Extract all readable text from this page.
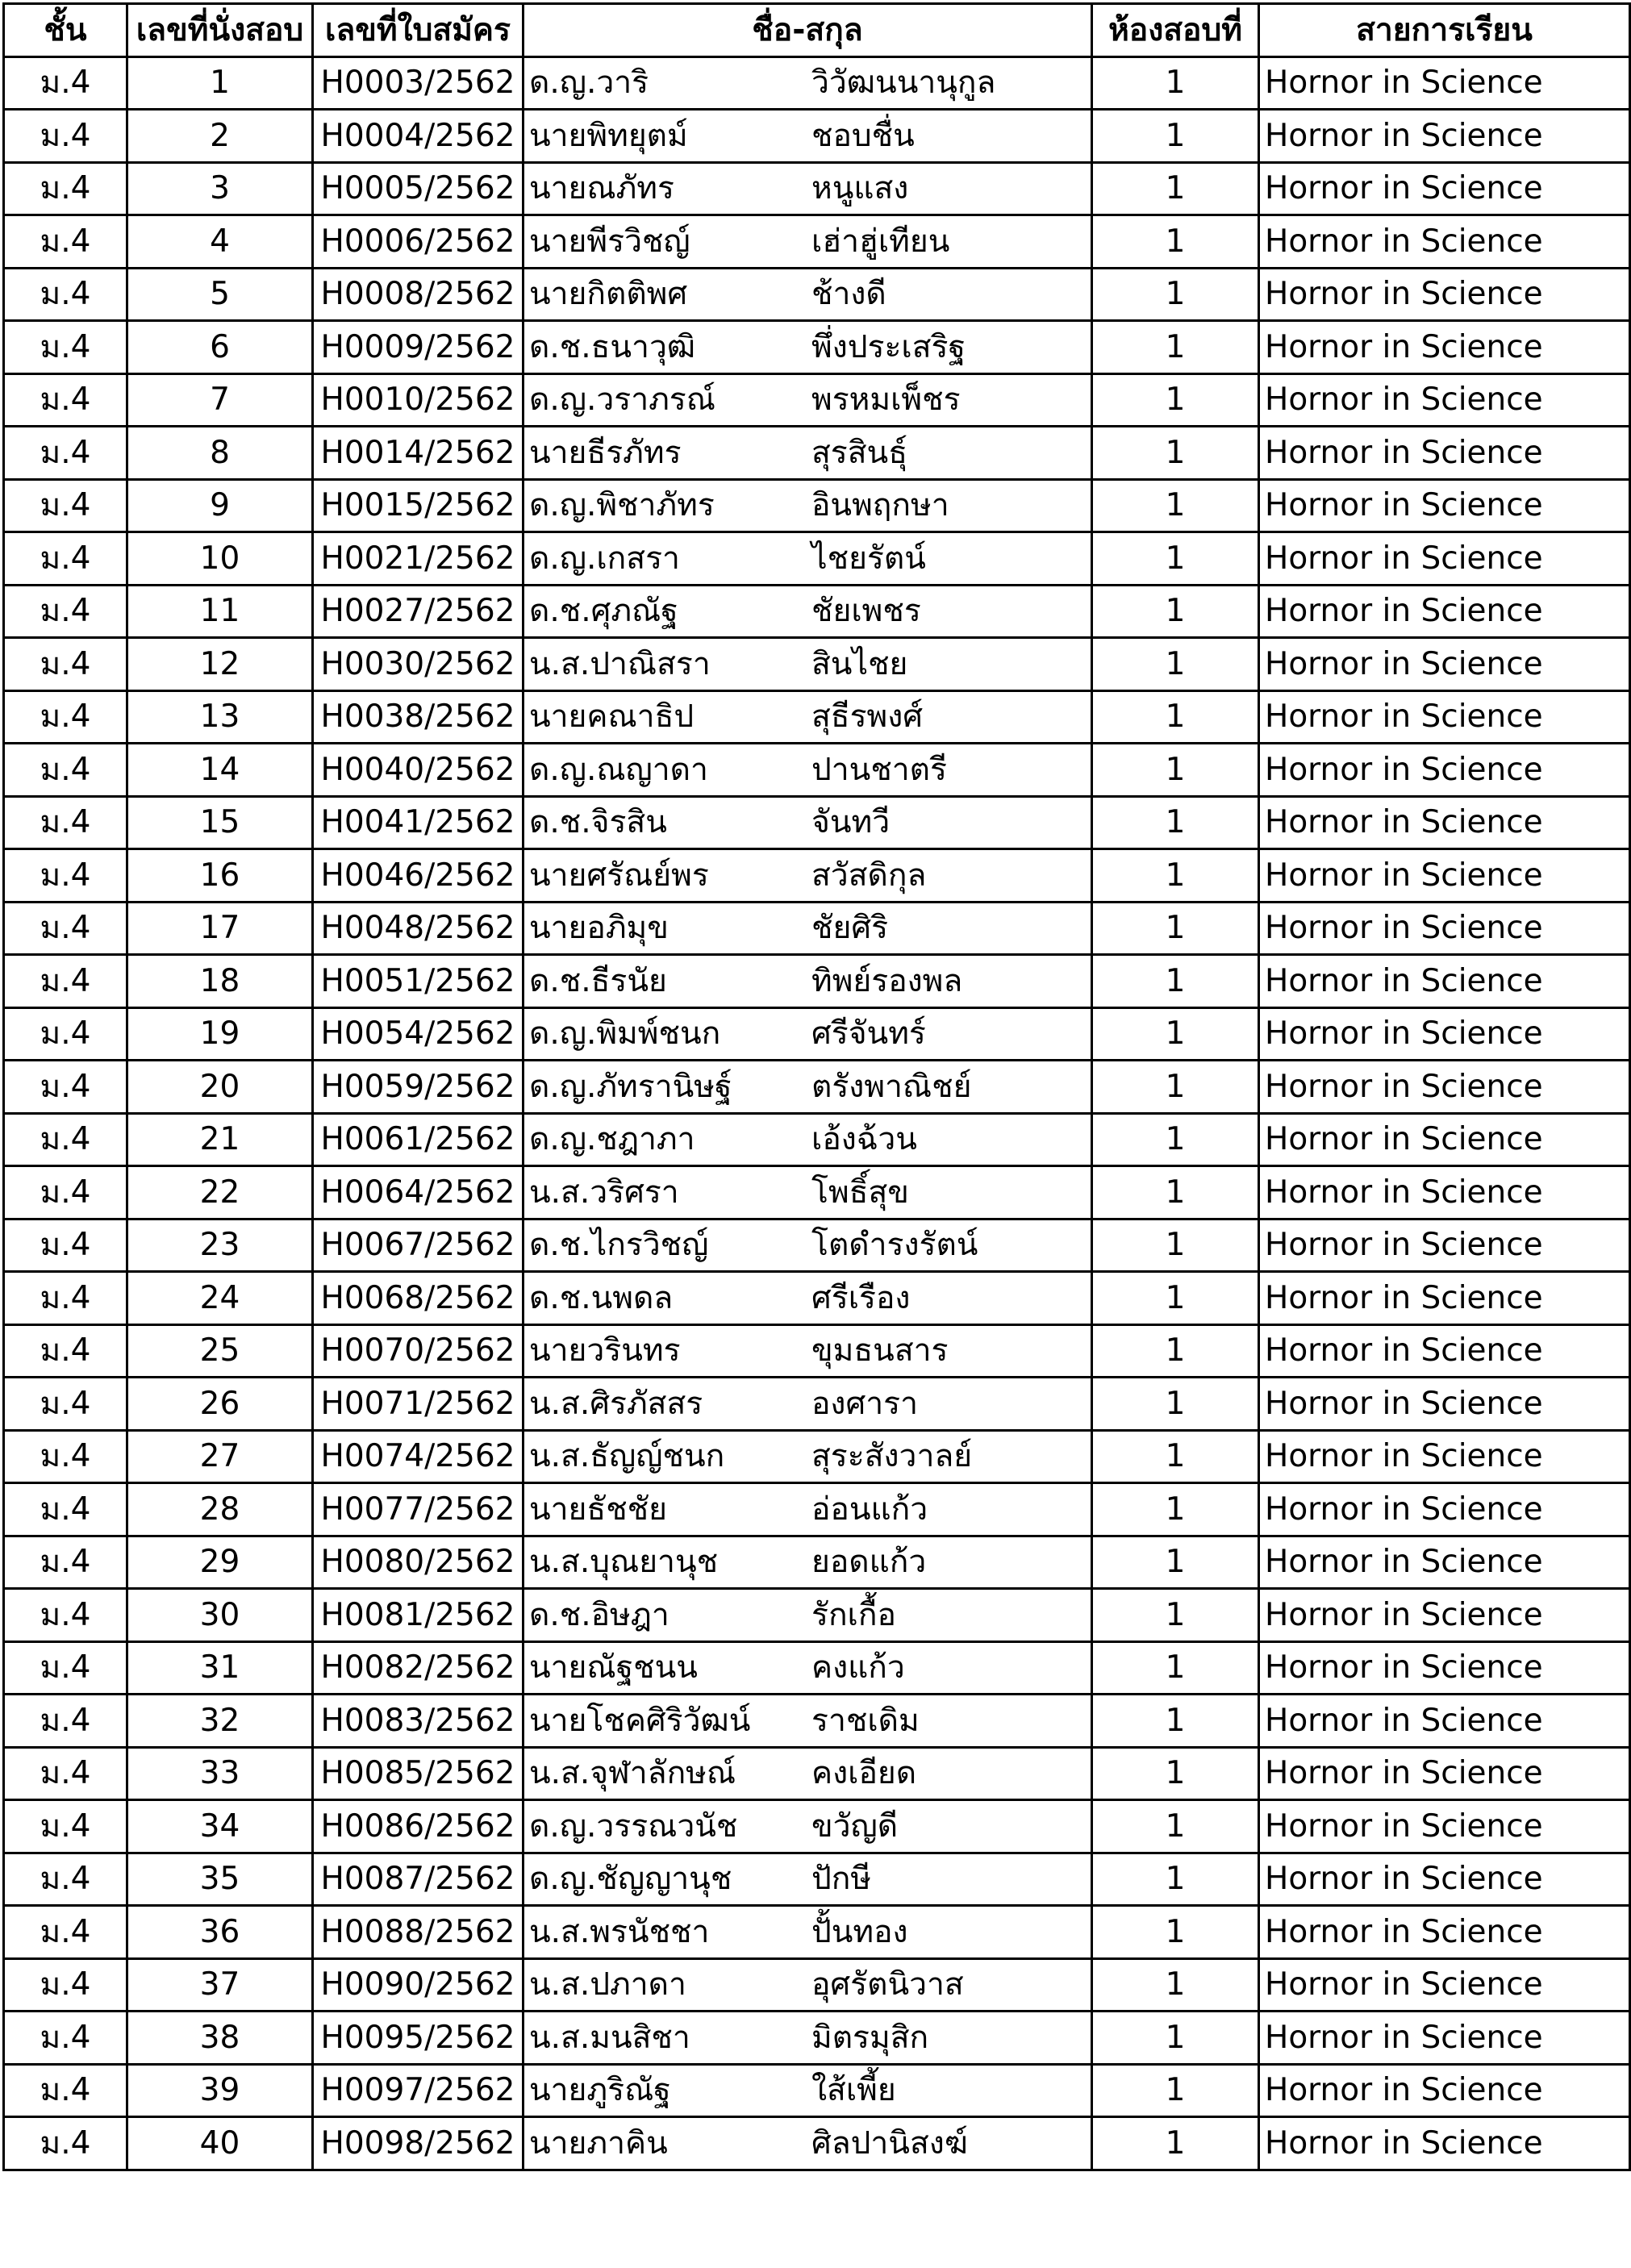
ชั้น	เลขที่นั่งสอบ	เลขที่ใบสมัคร	ชื่อ-สกุล	ห้องสอบที่	สายการเรียน
ม.4	1	H0003/2562	ด.ญ.วาริ วิวัฒนนานุกูล	1	Hornor in Science
ม.4	2	H0004/2562	นายพิทยุตม์ ชอบชื่น	1	Hornor in Science
ม.4	3	H0005/2562	นายณภัทร หนูแสง	1	Hornor in Science
ม.4	4	H0006/2562	นายพีรวิชญ์ เฮ่าฮู่เทียน	1	Hornor in Science
ม.4	5	H0008/2562	นายกิตติพศ ช้างดี	1	Hornor in Science
ม.4	6	H0009/2562	ด.ช.ธนาวุฒิ พึ่งประเสริฐ	1	Hornor in Science
ม.4	7	H0010/2562	ด.ญ.วราภรณ์ พรหมเพ็ชร	1	Hornor in Science
ม.4	8	H0014/2562	นายธีรภัทร สุรสินธุ์	1	Hornor in Science
ม.4	9	H0015/2562	ด.ญ.พิชาภัทร อินพฤกษา	1	Hornor in Science
ม.4	10	H0021/2562	ด.ญ.เกสรา ไชยรัตน์	1	Hornor in Science
ม.4	11	H0027/2562	ด.ช.ศุภณัฐ ชัยเพชร	1	Hornor in Science
ม.4	12	H0030/2562	น.ส.ปาณิสรา สินไชย	1	Hornor in Science
ม.4	13	H0038/2562	นายคณาธิป สุธีรพงศ์	1	Hornor in Science
ม.4	14	H0040/2562	ด.ญ.ณญาดา ปานชาตรี	1	Hornor in Science
ม.4	15	H0041/2562	ด.ช.จิรสิน จันทวี	1	Hornor in Science
ม.4	16	H0046/2562	นายศรัณย์พร สวัสดิกุล	1	Hornor in Science
ม.4	17	H0048/2562	นายอภิมุข ชัยศิริ	1	Hornor in Science
ม.4	18	H0051/2562	ด.ช.ธีรนัย ทิพย์รองพล	1	Hornor in Science
ม.4	19	H0054/2562	ด.ญ.พิมพ์ชนก ศรีจันทร์	1	Hornor in Science
ม.4	20	H0059/2562	ด.ญ.ภัทรานิษฐ์ ตรังพาณิชย์	1	Hornor in Science
ม.4	21	H0061/2562	ด.ญ.ชฎาภา เอ้งฉ้วน	1	Hornor in Science
ม.4	22	H0064/2562	น.ส.วริศรา โพธิ์สุข	1	Hornor in Science
ม.4	23	H0067/2562	ด.ช.ไกรวิชญ์ โตดำรงรัตน์	1	Hornor in Science
ม.4	24	H0068/2562	ด.ช.นพดล ศรีเรือง	1	Hornor in Science
ม.4	25	H0070/2562	นายวรินทร ขุมธนสาร	1	Hornor in Science
ม.4	26	H0071/2562	น.ส.ศิรภัสสร องศารา	1	Hornor in Science
ม.4	27	H0074/2562	น.ส.ธัญญ์ชนก สุระสังวาลย์	1	Hornor in Science
ม.4	28	H0077/2562	นายธัชชัย อ่อนแก้ว	1	Hornor in Science
ม.4	29	H0080/2562	น.ส.บุณยานุช ยอดแก้ว	1	Hornor in Science
ม.4	30	H0081/2562	ด.ช.อิษฎา รักเกื้อ	1	Hornor in Science
ม.4	31	H0082/2562	นายณัฐชนน คงแก้ว	1	Hornor in Science
ม.4	32	H0083/2562	นายโชคศิริวัฒน์ ราชเดิม	1	Hornor in Science
ม.4	33	H0085/2562	น.ส.จุฬาลักษณ์ คงเอียด	1	Hornor in Science
ม.4	34	H0086/2562	ด.ญ.วรรณวนัช ขวัญดี	1	Hornor in Science
ม.4	35	H0087/2562	ด.ญ.ชัญญานุช ปักษี	1	Hornor in Science
ม.4	36	H0088/2562	น.ส.พรนัชชา ปั้นทอง	1	Hornor in Science
ม.4	37	H0090/2562	น.ส.ปภาดา อุศรัตนิวาส	1	Hornor in Science
ม.4	38	H0095/2562	น.ส.มนสิชา มิตรมุสิก	1	Hornor in Science
ม.4	39	H0097/2562	นายภูริณัฐ ใส้เพี้ย	1	Hornor in Science
ม.4	40	H0098/2562	นายภาคิน ศิลปานิสงฆ์	1	Hornor in Science
